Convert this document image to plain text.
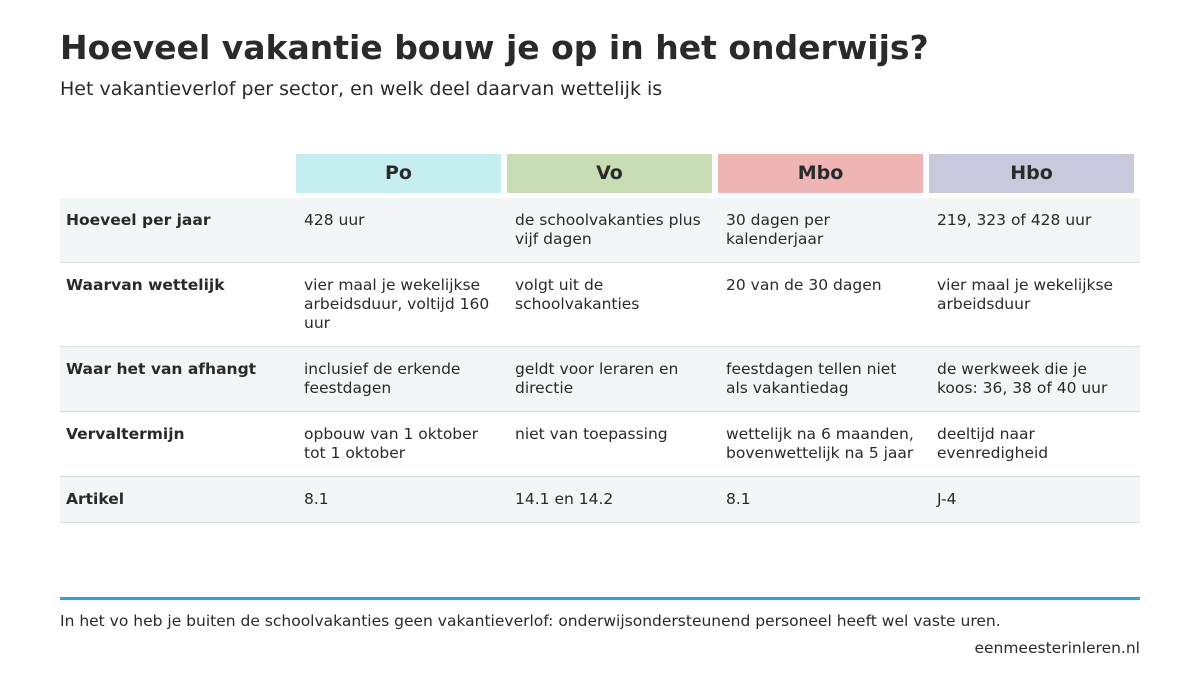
Hoeveel vakantie bouw je op in het onderwijs?
Het vakantieverlof per sector, en welk deel daarvan wettelijk is

	Po	Vo	Mbo	Hbo

Hoeveel per jaar	428 uur	de schoolvakanties plus vijf dagen	30 dagen per kalenderjaar	219, 323 of 428 uur
Waarvan wettelijk	vier maal je wekelijkse arbeidsduur, voltijd 160 uur	volgt uit de schoolvakanties	20 van de 30 dagen	vier maal je wekelijkse arbeidsduur
Waar het van afhangt	inclusief de erkende feestdagen	geldt voor leraren en directie	feestdagen tellen niet als vakantiedag	de werkweek die je koos: 36, 38 of 40 uur
Vervaltermijn	opbouw van 1 oktober tot 1 oktober	niet van toepassing	wettelijk na 6 maanden, bovenwettelijk na 5 jaar	deeltijd naar evenredigheid
Artikel	8.1	14.1 en 14.2	8.1	J-4
In het vo heb je buiten de schoolvakanties geen vakantieverlof: onderwijsondersteunend personeel heeft wel vaste uren.
eenmeesterinleren.nl
